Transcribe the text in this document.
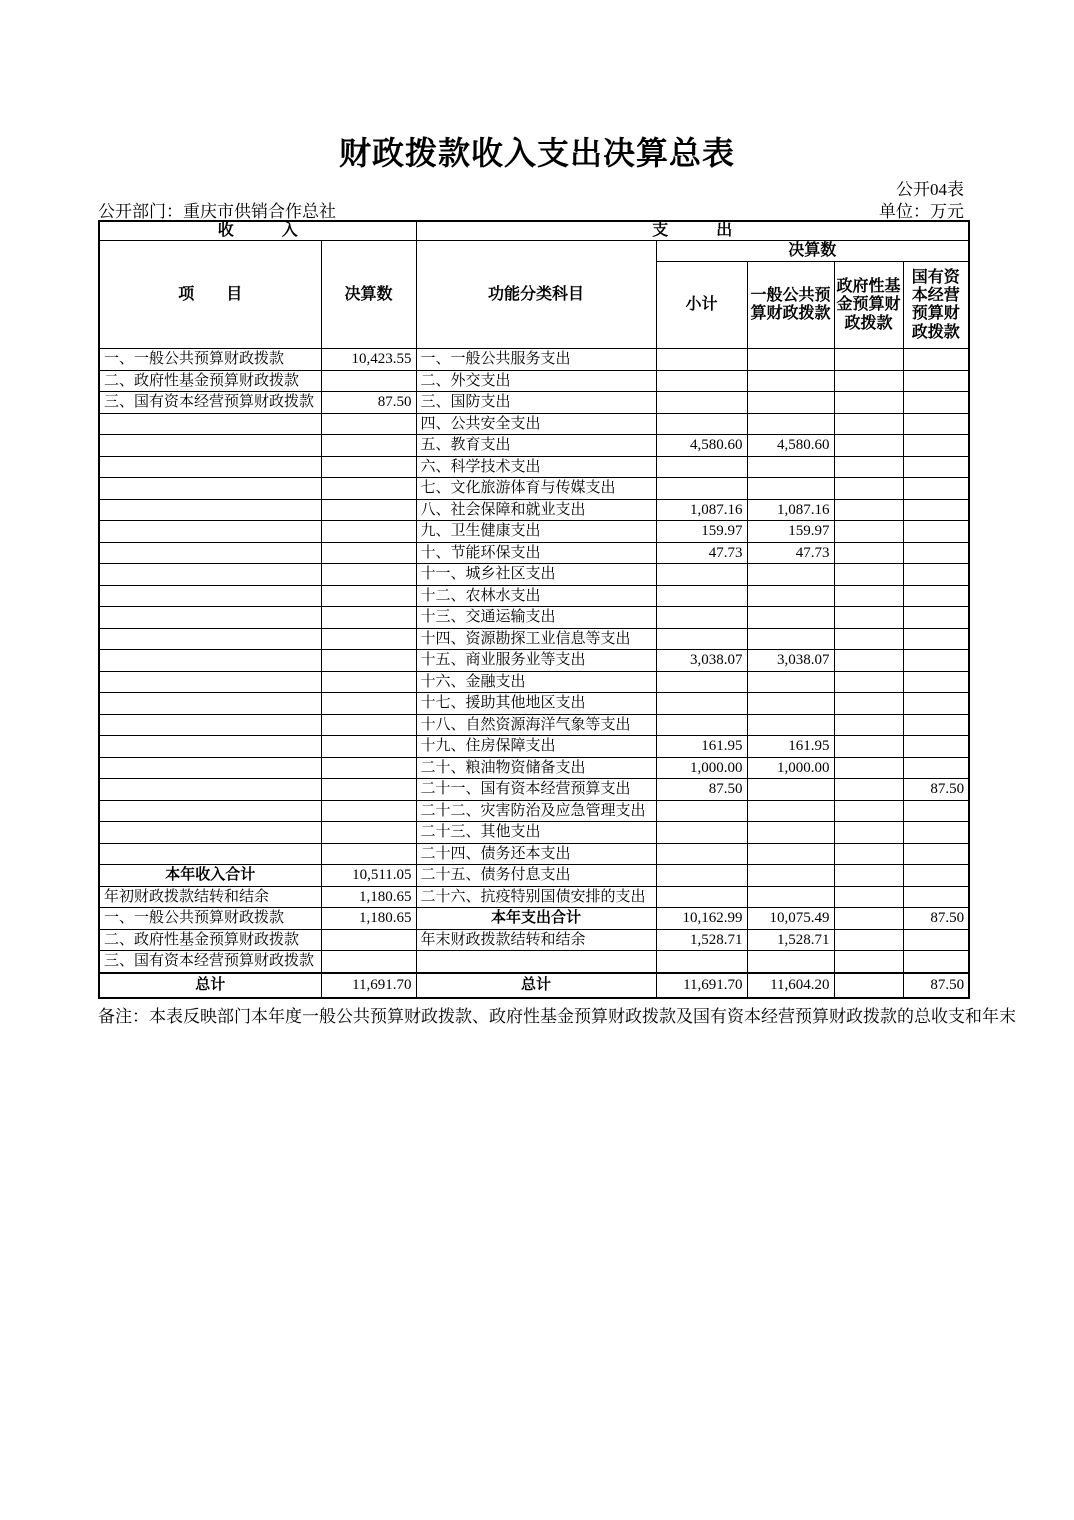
财政拨款收入支出决算总表
公开04表
公开部门：重庆市供销合作总社	单位：万元
收　　　入		支　　　出				
项　　目	决算数	功能分类科目	决算数			
			小计	一般公共预算财政拨款	政府性基金预算财政拨款	国有资本经营预算财政拨款
一、一般公共预算财政拨款	10,423.55	一、一般公共服务支出				
二、政府性基金预算财政拨款		二、外交支出				
三、国有资本经营预算财政拨款	87.50	三、国防支出				
		四、公共安全支出				
		五、教育支出	4,580.60	4,580.60		
		六、科学技术支出				
		七、文化旅游体育与传媒支出				
		八、社会保障和就业支出	1,087.16	1,087.16		
		九、卫生健康支出	159.97	159.97		
		十、节能环保支出	47.73	47.73		
		十一、城乡社区支出				
		十二、农林水支出				
		十三、交通运输支出				
		十四、资源勘探工业信息等支出				
		十五、商业服务业等支出	3,038.07	3,038.07		
		十六、金融支出				
		十七、援助其他地区支出				
		十八、自然资源海洋气象等支出				
		十九、住房保障支出	161.95	161.95		
		二十、粮油物资储备支出	1,000.00	1,000.00		
		二十一、国有资本经营预算支出	87.50			87.50
		二十二、灾害防治及应急管理支出				
		二十三、其他支出				
		二十四、债务还本支出				
本年收入合计	10,511.05	二十五、债务付息支出				
年初财政拨款结转和结余	1,180.65	二十六、抗疫特别国债安排的支出				
一、一般公共预算财政拨款	1,180.65	本年支出合计	10,162.99	10,075.49		87.50
二、政府性基金预算财政拨款		年末财政拨款结转和结余	1,528.71	1,528.71		
三、国有资本经营预算财政拨款						
总计	11,691.70	总计	11,691.70	11,604.20		87.50
备注：本表反映部门本年度一般公共预算财政拨款、政府性基金预算财政拨款及国有资本经营预算财政拨款的总收支和年末
